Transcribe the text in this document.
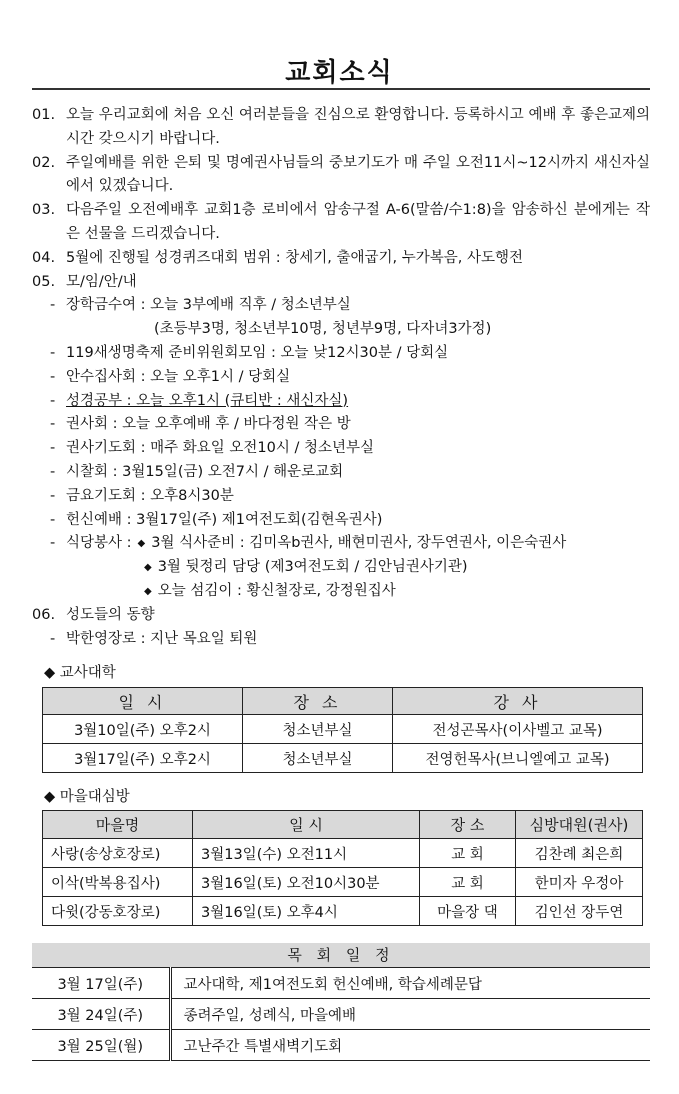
교회소식
01. 오늘 우리교회에 처음 오신 여러분들을 진심으로 환영합니다. 등록하시고 예배 후 좋은교제의 시간 갖으시기 바랍니다.
02. 주일예배를 위한 은퇴 및 명예권사님들의 중보기도가 매 주일 오전11시~12시까지 새신자실에서 있겠습니다.
03. 다음주일 오전예배후 교회1층 로비에서 암송구절 A-6(말씀/수1:8)을 암송하신 분에게는 작은 선물을 드리겠습니다.
04. 5월에 진행될 성경퀴즈대회 범위 : 창세기, 출애굽기, 누가복음, 사도행전
05. 모/임/안/내
- 장학금수여 : 오늘 3부예배 직후 / 청소년부실
(초등부3명, 청소년부10명, 청년부9명, 다자녀3가정)
- 119새생명축제 준비위원회모임 : 오늘 낮12시30분 / 당회실
- 안수집사회 : 오늘 오후1시 / 당회실
- 성경공부 : 오늘 오후1시 (큐티반 : 새신자실)
- 권사회 : 오늘 오후예배 후 / 바다정원 작은 방
- 권사기도회 : 매주 화요일 오전10시 / 청소년부실
- 시찰회 : 3월15일(금) 오전7시 / 해운로교회
- 금요기도회 : 오후8시30분
- 헌신예배 : 3월17일(주) 제1여전도회(김현옥권사)
- 식당봉사 : ◆ 3월 식사준비 : 김미옥b권사, 배현미권사, 장두연권사, 이은숙권사
◆ 3월 뒷정리 담당 (제3여전도회 / 김안님권사기관)
◆ 오늘 섬김이 : 황신철장로, 강정원집사
06. 성도들의 동향
- 박한영장로 : 지난 목요일 퇴원
◆ 교사대학
일 시	장 소	강 사
3월10일(주) 오후2시	청소년부실	전성곤목사(이사벨고 교목)
3월17일(주) 오후2시	청소년부실	전영헌목사(브니엘예고 교목)
◆ 마을대심방
마을명	일 시	장 소	심방대원(권사)
사랑(송상호장로)	3월13일(수) 오전11시	교 회	김찬례 최은희
이삭(박복용집사)	3월16일(토) 오전10시30분	교 회	한미자 우정아
다윗(강동호장로)	3월16일(토) 오후4시	마을장 댁	김인선 장두연
목 회 일 정
3월 17일(주)	교사대학, 제1여전도회 헌신예배, 학습세례문답
3월 24일(주)	종려주일, 성례식, 마을예배
3월 25일(월)	고난주간 특별새벽기도회
